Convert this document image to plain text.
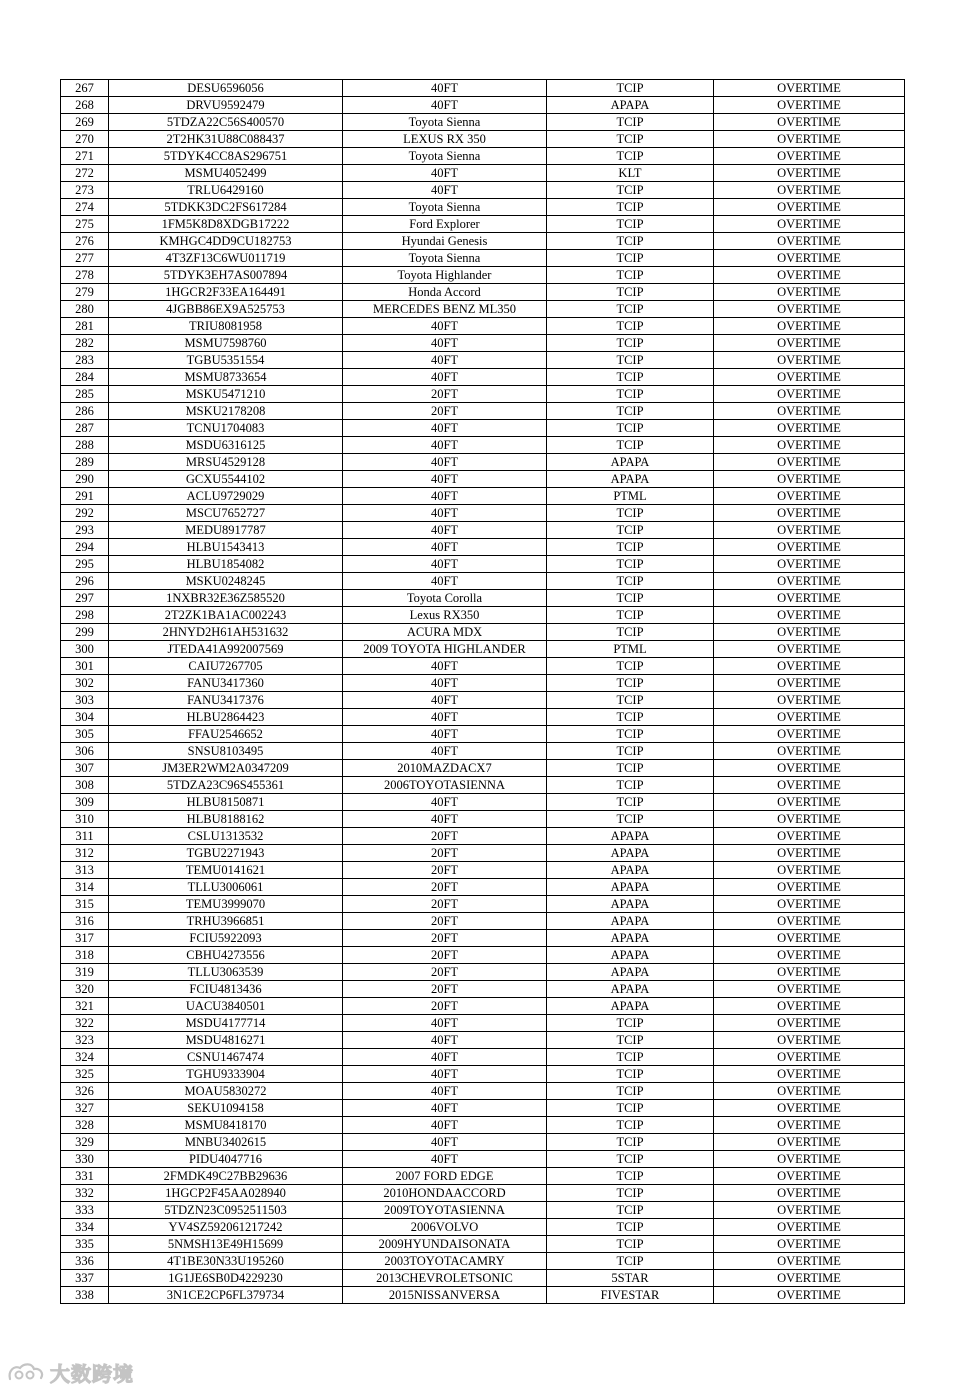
267	DESU6596056	40FT	TCIP	OVERTIME
268	DRVU9592479	40FT	APAPA	OVERTIME
269	5TDZA22C56S400570	Toyota Sienna	TCIP	OVERTIME
270	2T2HK31U88C088437	LEXUS RX 350	TCIP	OVERTIME
271	5TDYK4CC8AS296751	Toyota Sienna	TCIP	OVERTIME
272	MSMU4052499	40FT	KLT	OVERTIME
273	TRLU6429160	40FT	TCIP	OVERTIME
274	5TDKK3DC2FS617284	Toyota Sienna	TCIP	OVERTIME
275	1FM5K8D8XDGB17222	Ford Explorer	TCIP	OVERTIME
276	KMHGC4DD9CU182753	Hyundai Genesis	TCIP	OVERTIME
277	4T3ZF13C6WU011719	Toyota Sienna	TCIP	OVERTIME
278	5TDYK3EH7AS007894	Toyota Highlander	TCIP	OVERTIME
279	1HGCR2F33EA164491	Honda Accord	TCIP	OVERTIME
280	4JGBB86EX9A525753	MERCEDES BENZ ML350	TCIP	OVERTIME
281	TRIU8081958	40FT	TCIP	OVERTIME
282	MSMU7598760	40FT	TCIP	OVERTIME
283	TGBU5351554	40FT	TCIP	OVERTIME
284	MSMU8733654	40FT	TCIP	OVERTIME
285	MSKU5471210	20FT	TCIP	OVERTIME
286	MSKU2178208	20FT	TCIP	OVERTIME
287	TCNU1704083	40FT	TCIP	OVERTIME
288	MSDU6316125	40FT	TCIP	OVERTIME
289	MRSU4529128	40FT	APAPA	OVERTIME
290	GCXU5544102	40FT	APAPA	OVERTIME
291	ACLU9729029	40FT	PTML	OVERTIME
292	MSCU7652727	40FT	TCIP	OVERTIME
293	MEDU8917787	40FT	TCIP	OVERTIME
294	HLBU1543413	40FT	TCIP	OVERTIME
295	HLBU1854082	40FT	TCIP	OVERTIME
296	MSKU0248245	40FT	TCIP	OVERTIME
297	1NXBR32E36Z585520	Toyota Corolla	TCIP	OVERTIME
298	2T2ZK1BA1AC002243	Lexus RX350	TCIP	OVERTIME
299	2HNYD2H61AH531632	ACURA MDX	TCIP	OVERTIME
300	JTEDA41A992007569	2009 TOYOTA HIGHLANDER	PTML	OVERTIME
301	CAIU7267705	40FT	TCIP	OVERTIME
302	FANU3417360	40FT	TCIP	OVERTIME
303	FANU3417376	40FT	TCIP	OVERTIME
304	HLBU2864423	40FT	TCIP	OVERTIME
305	FFAU2546652	40FT	TCIP	OVERTIME
306	SNSU8103495	40FT	TCIP	OVERTIME
307	JM3ER2WM2A0347209	2010MAZDACX7	TCIP	OVERTIME
308	5TDZA23C96S455361	2006TOYOTASIENNA	TCIP	OVERTIME
309	HLBU8150871	40FT	TCIP	OVERTIME
310	HLBU8188162	40FT	TCIP	OVERTIME
311	CSLU1313532	20FT	APAPA	OVERTIME
312	TGBU2271943	20FT	APAPA	OVERTIME
313	TEMU0141621	20FT	APAPA	OVERTIME
314	TLLU3006061	20FT	APAPA	OVERTIME
315	TEMU3999070	20FT	APAPA	OVERTIME
316	TRHU3966851	20FT	APAPA	OVERTIME
317	FCIU5922093	20FT	APAPA	OVERTIME
318	CBHU4273556	20FT	APAPA	OVERTIME
319	TLLU3063539	20FT	APAPA	OVERTIME
320	FCIU4813436	20FT	APAPA	OVERTIME
321	UACU3840501	20FT	APAPA	OVERTIME
322	MSDU4177714	40FT	TCIP	OVERTIME
323	MSDU4816271	40FT	TCIP	OVERTIME
324	CSNU1467474	40FT	TCIP	OVERTIME
325	TGHU9333904	40FT	TCIP	OVERTIME
326	MOAU5830272	40FT	TCIP	OVERTIME
327	SEKU1094158	40FT	TCIP	OVERTIME
328	MSMU8418170	40FT	TCIP	OVERTIME
329	MNBU3402615	40FT	TCIP	OVERTIME
330	PIDU4047716	40FT	TCIP	OVERTIME
331	2FMDK49C27BB29636	2007 FORD EDGE	TCIP	OVERTIME
332	1HGCP2F45AA028940	2010HONDAACCORD	TCIP	OVERTIME
333	5TDZN23C0952511503	2009TOYOTASIENNA	TCIP	OVERTIME
334	YV4SZ592061217242	2006VOLVO	TCIP	OVERTIME
335	5NMSH13E49H15699	2009HYUNDAISONATA	TCIP	OVERTIME
336	4T1BE30N33U195260	2003TOYOTACAMRY	TCIP	OVERTIME
337	1G1JE6SB0D4229230	2013CHEVROLETSONIC	5STAR	OVERTIME
338	3N1CE2CP6FL379734	2015NISSANVERSA	FIVESTAR	OVERTIME
大数跨境
